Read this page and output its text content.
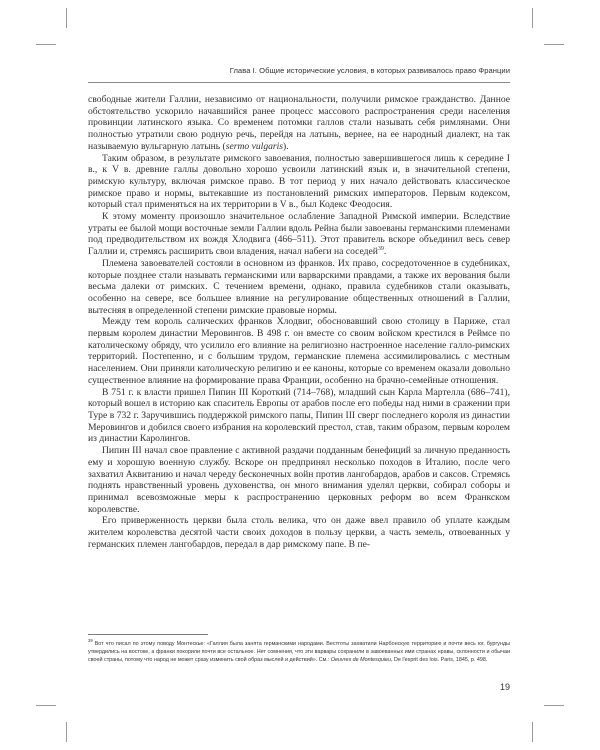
Глава I. Общие исторические условия, в которых развивалось право Франции

свободные жители Галлии, независимо от национальности, получили римское гражданство. Данное обстоятельство ускорило начавшийся ранее процесс массового распространения среди населения провинции латинского языка. Со временем потомки галлов стали называть себя римлянами. Они полностью утратили свою родную речь, перейдя на латынь, вернее, на ее народный диалект, на так называемую вульгарную латынь (sermo vulgaris).

Таким образом, в результате римского завоевания, полностью завершившегося лишь к середине I в., к V в. древние галлы довольно хорошо усвоили латинский язык и, в значительной степени, римскую культуру, включая римское право. В тот период у них начало действовать классическое римское право и нормы, вытекавшие из постановлений римских императоров. Первым кодексом, который стал применяться на их территории в V в., был Кодекс Феодосия.

К этому моменту произошло значительное ослабление Западной Римской империи. Вследствие утраты ее былой мощи восточные земли Галлии вдоль Рейна были завоеваны германскими племенами под предводительством их вождя Хлодвига (466–511). Этот правитель вскоре объединил весь север Галлии и, стремясь расширить свои владения, начал набеги на соседей$^{39}$.

Племена завоевателей состояли в основном из франков. Их право, сосредоточенное в судебниках, которые позднее стали называть германскими или варварскими правдами, а также их верования были весьма далеки от римских. С течением времени, однако, правила судебников стали оказывать, особенно на севере, все большее влияние на регулирование общественных отношений в Галлии, вытесняя в определенной степени римские правовые нормы.

Между тем король салических франков Хлодвиг, обосновавший свою столицу в Париже, стал первым королем династии Меровингов. В 498 г. он вместе со своим войском крестился в Реймсе по католическому обряду, что усилило его влияние на религиозно настроенное население галло-римских территорий. Постепенно, и с большим трудом, германские племена ассимилировались с местным населением. Они приняли католическую религию и ее каноны, которые со временем оказали довольно существенное влияние на формирование права Франции, особенно на брачно-семейные отношения.

В 751 г. к власти пришел Пипин III Короткий (714–768), младший сын Карла Мартелла (686–741), который вошел в историю как спаситель Европы от арабов после его победы над ними в сражении при Туре в 732 г. Заручившись поддержкой римского папы, Пипин III сверг последнего короля из династии Меровингов и добился своего избрания на королевский престол, став, таким образом, первым королем из династии Каролингов.

Пипин III начал свое правление с активной раздачи подданным бенефиций за личную преданность ему и хорошую военную службу. Вскоре он предпринял несколько походов в Италию, после чего захватил Аквитанию и начал череду бесконечных войн против лангобардов, арабов и саксов. Стремясь поднять нравственный уровень духовенства, он много внимания уделял церкви, собирал соборы и принимал всевозможные меры к распространению церковных реформ во всем Франкском королевстве.

Его приверженность церкви была столь велика, что он даже ввел правило об уплате каждым жителем королевства десятой части своих доходов в пользу церкви, а часть земель, отвоеванных у германских племен лангобардов, передал в дар римскому папе. В пе-

$^{39}$ Вот что писал по этому поводу Монтескье: «Галлия была занята германскими народами. Вестготы захватили Нарбонскую территорию и почти весь юг, бургунды утвердились на востоке, а франки покорили почти все остальное. Нет сомнения, что эти варвары сохранили в завоеванных ими странах нравы, склонности и обычаи своей страны, потому что народ не может сразу изменить свой образ мыслей и действий». Cм.: Oeuvres de Montesquieu, De l'esprit des lois. Paris, 1845, p. 498.
19
